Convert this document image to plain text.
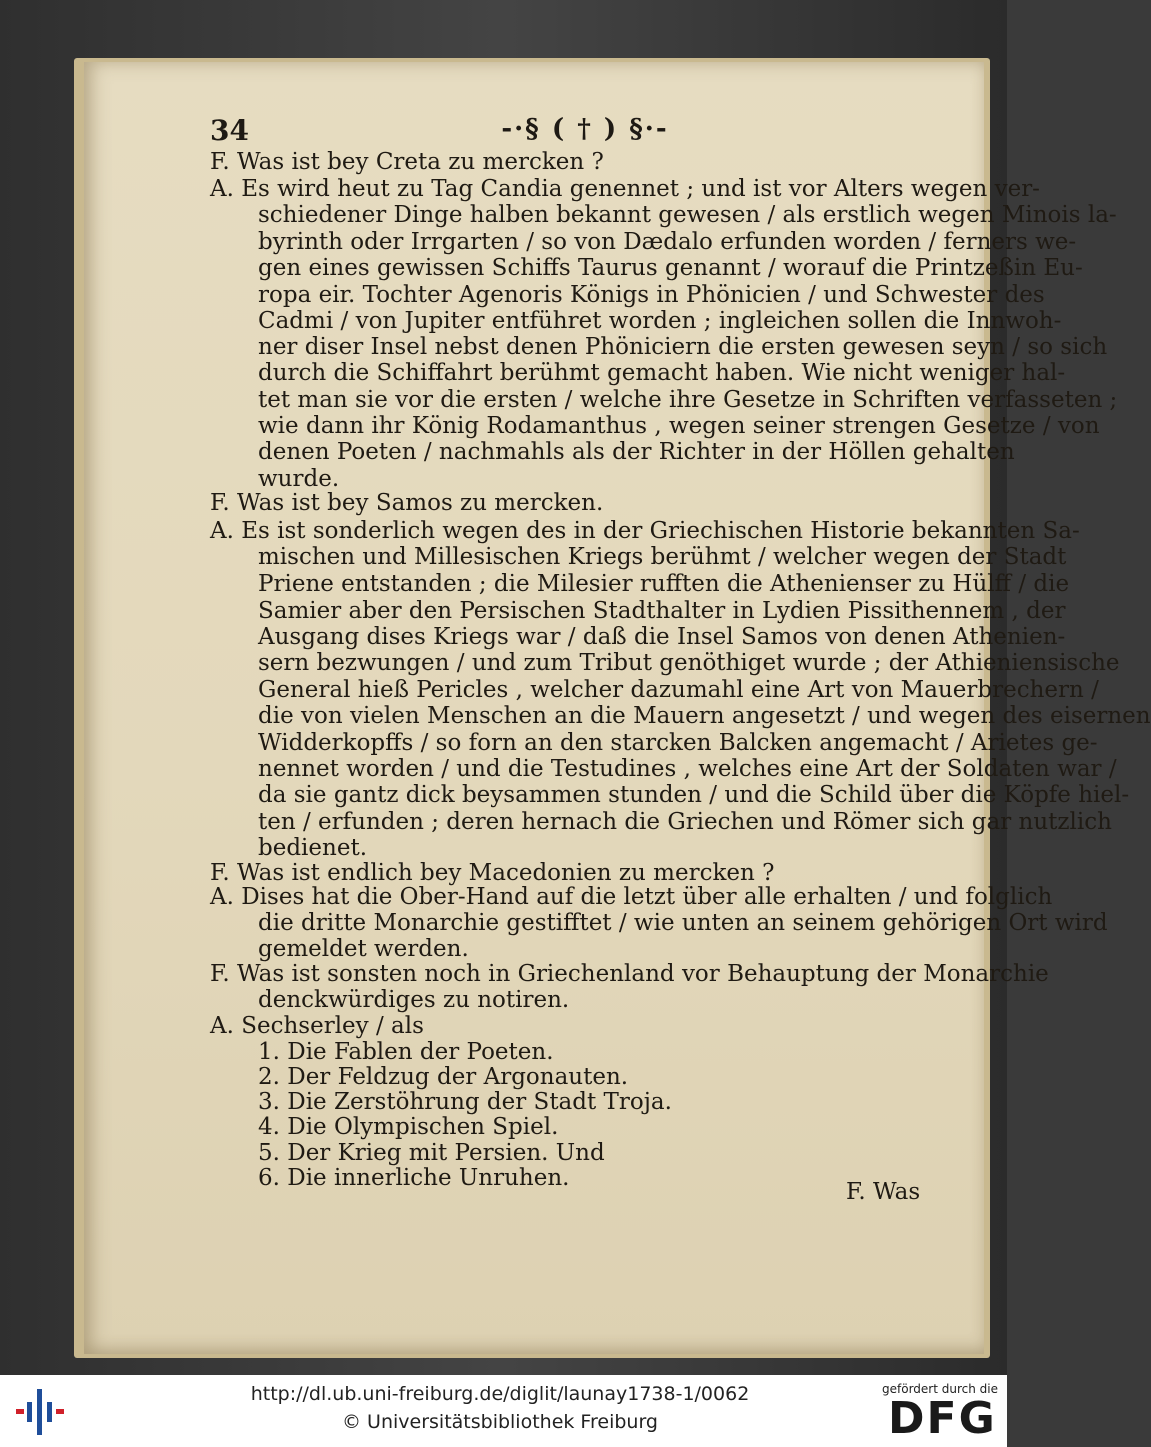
34	-·§ ( † ) §·-
F. Was ist bey Creta zu mercken ?
A. Es wird heut zu Tag Candia genennet ; und ist vor Alters wegen ver-
schiedener Dinge halben bekannt gewesen / als erstlich wegen Minois la-
byrinth oder Irrgarten / so von Dædalo erfunden worden / ferners we-
gen eines gewissen Schiffs Taurus genannt / worauf die Printzeßin Eu-
ropa eir. Tochter Agenoris Königs in Phönicien / und Schwester des
Cadmi / von Jupiter entführet worden ; ingleichen sollen die Innwoh-
ner diser Insel nebst denen Phöniciern die ersten gewesen seyn / so sich
durch die Schiffahrt berühmt gemacht haben. Wie nicht weniger hal-
tet man sie vor die ersten / welche ihre Gesetze in Schriften verfasseten ;
wie dann ihr König Rodamanthus , wegen seiner strengen Gesetze / von
denen Poeten / nachmahls als der Richter in der Höllen gehalten
wurde.
F. Was ist bey Samos zu mercken.
A. Es ist sonderlich wegen des in der Griechischen Historie bekannten Sa-
mischen und Millesischen Kriegs berühmt / welcher wegen der Stadt
Priene entstanden ; die Milesier rufften die Athenienser zu Hülff / die
Samier aber den Persischen Stadthalter in Lydien Pissithennem , der
Ausgang dises Kriegs war / daß die Insel Samos von denen Athenien-
sern bezwungen / und zum Tribut genöthiget wurde ; der Athieniensische
General hieß Pericles , welcher dazumahl eine Art von Mauerbrechern /
die von vielen Menschen an die Mauern angesetzt / und wegen des eisernen
Widderkopffs / so forn an den starcken Balcken angemacht / Arietes ge-
nennet worden / und die Testudines , welches eine Art der Soldaten war /
da sie gantz dick beysammen stunden / und die Schild über die Köpfe hiel-
ten / erfunden ; deren hernach die Griechen und Römer sich gar nutzlich
bedienet.
F. Was ist endlich bey Macedonien zu mercken ?
A. Dises hat die Ober-Hand auf die letzt über alle erhalten / und folglich
die dritte Monarchie gestifftet / wie unten an seinem gehörigen Ort wird
gemeldet werden.
F. Was ist sonsten noch in Griechenland vor Behauptung der Monarchie
denckwürdiges zu notiren.
A. Sechserley / als
1. Die Fablen der Poeten.
2. Der Feldzug der Argonauten.
3. Die Zerstöhrung der Stadt Troja.
4. Die Olympischen Spiel.
5. Der Krieg mit Persien. Und
6. Die innerliche Unruhen.
F. Was
http://dl.ub.uni-freiburg.de/diglit/launay1738-1/0062
© Universitätsbibliothek Freiburg
gefördert durch die
DFG
